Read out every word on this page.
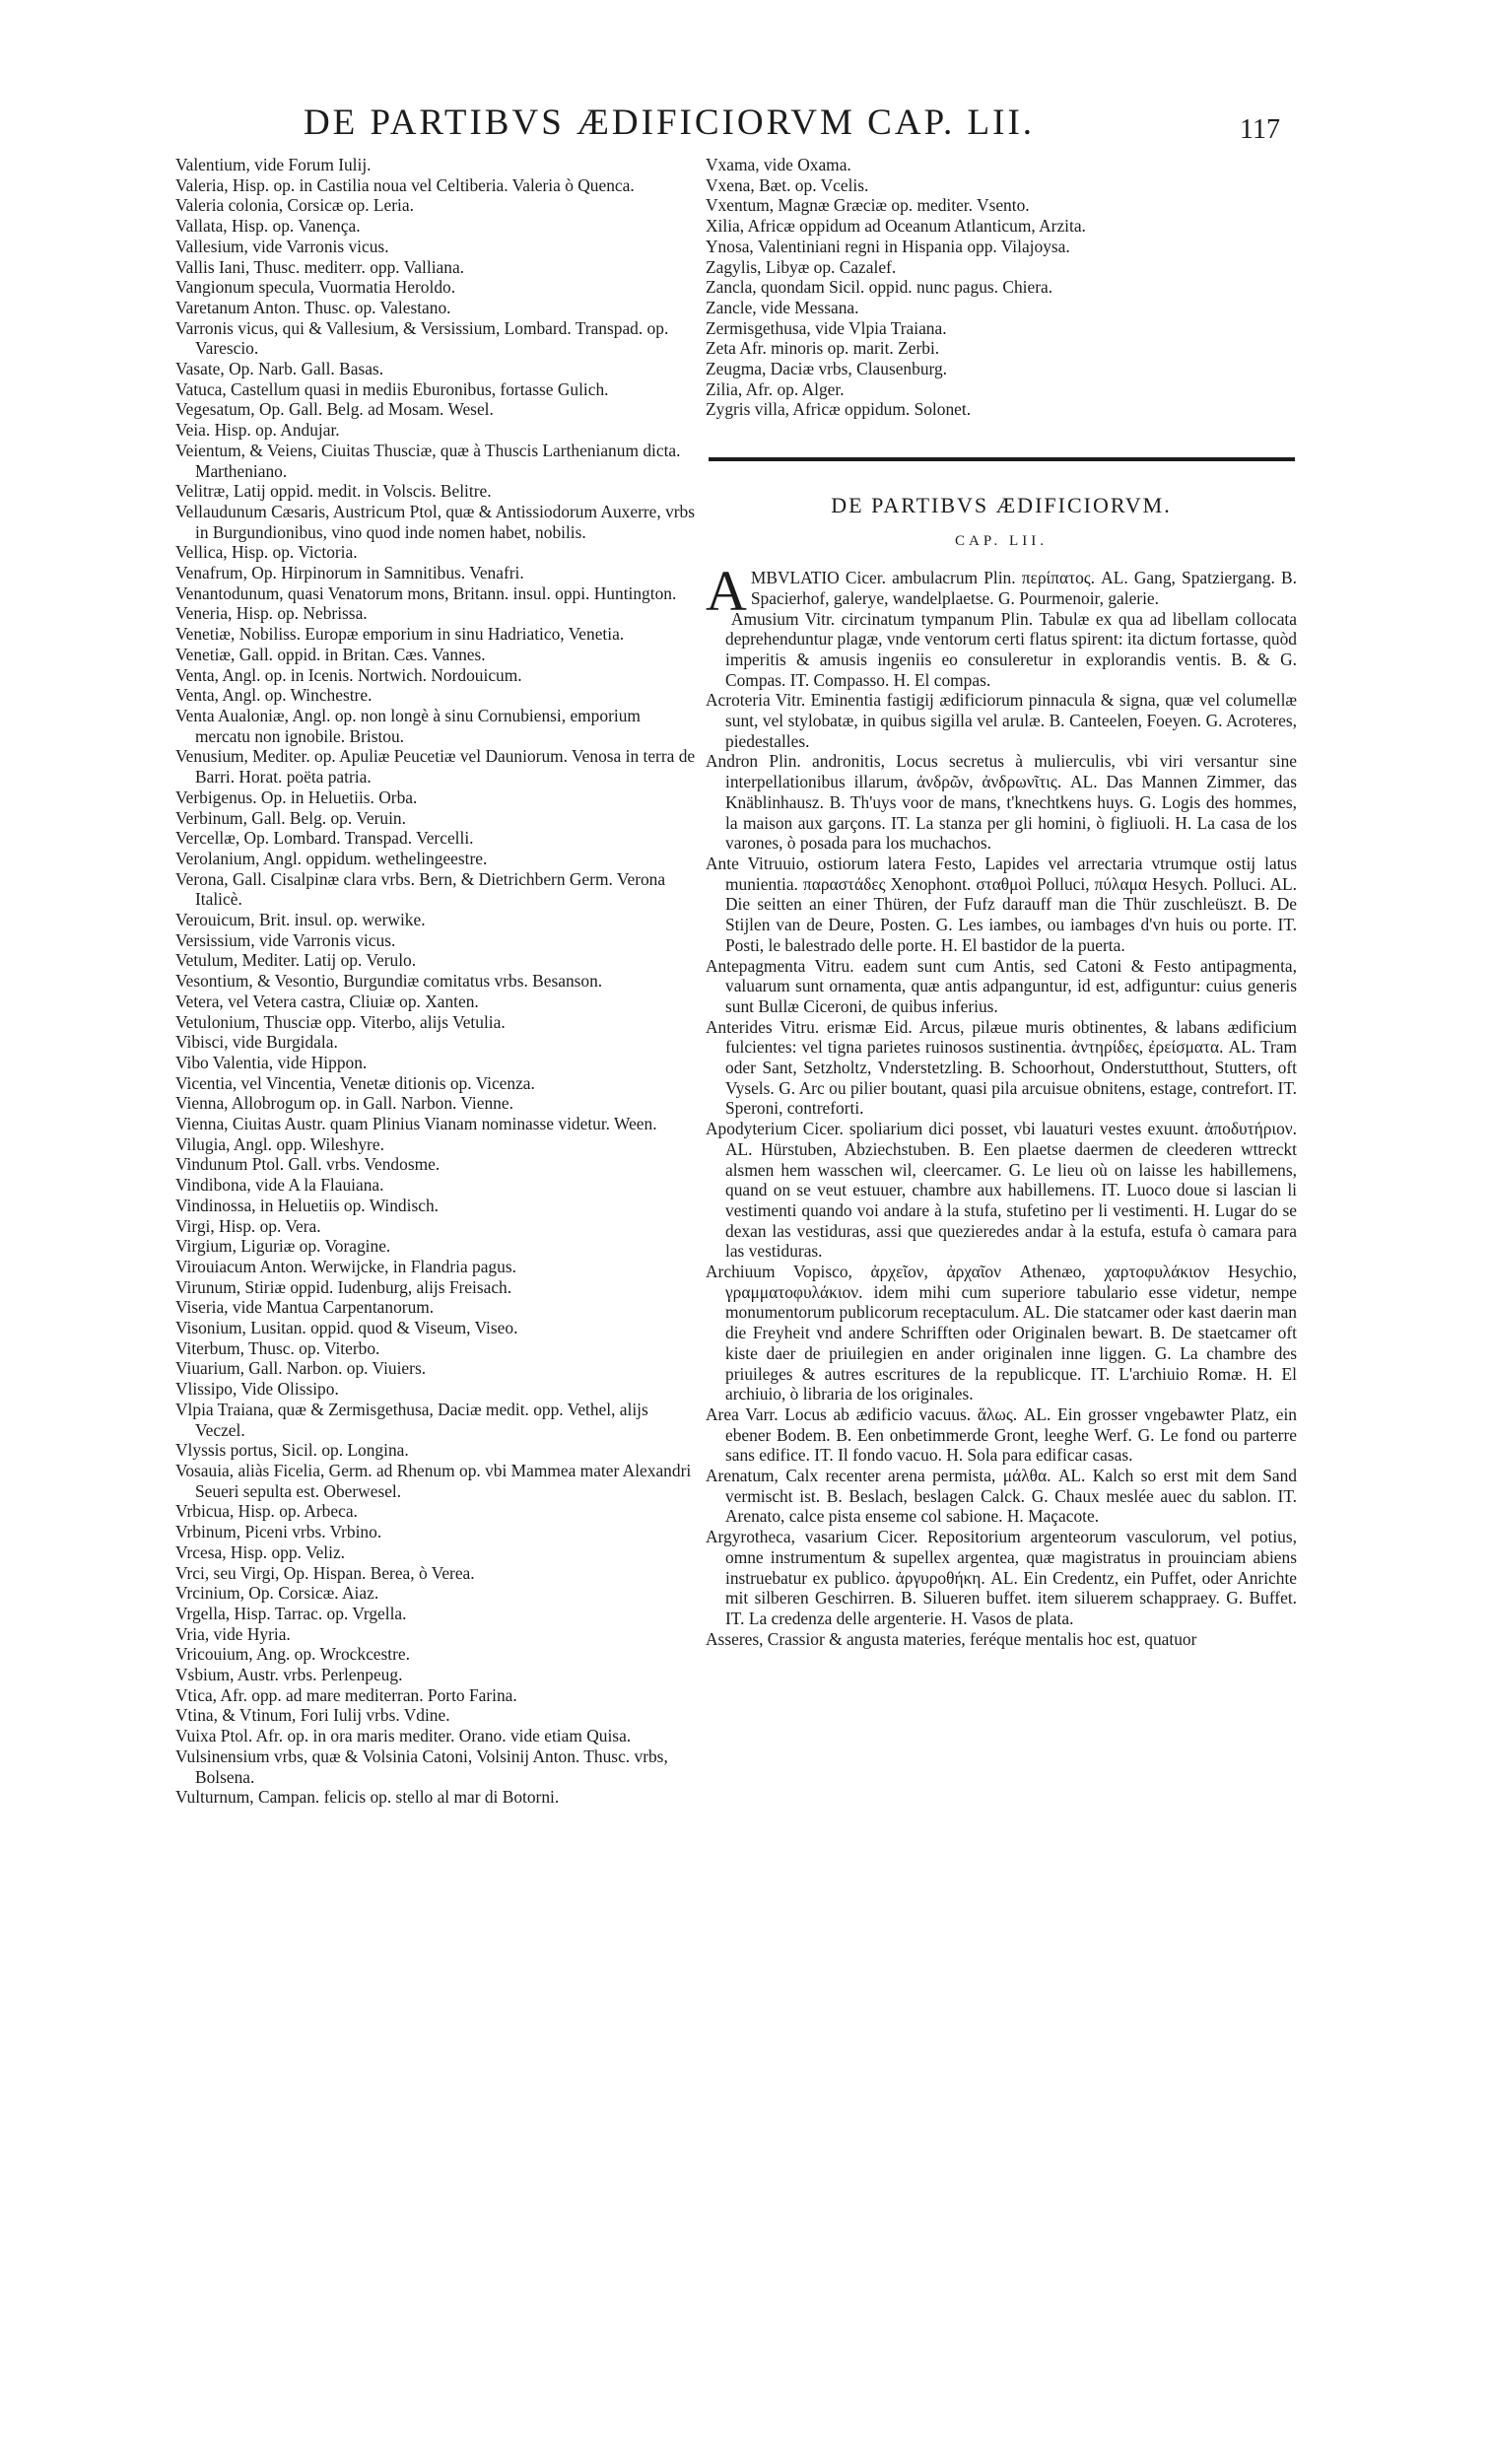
DE PARTIBVS ÆDIFICIORVM CAP. LII.	117

Valentium, vide Forum Iulij.

Valeria, Hisp. op. in Castilia noua vel Celtiberia. Valeria ò Quenca.

Valeria colonia, Corsicæ op. Leria.

Vallata, Hisp. op. Vanença.

Vallesium, vide Varronis vicus.

Vallis Iani, Thusc. mediterr. opp. Valliana.

Vangionum specula, Vuormatia Heroldo.

Varetanum Anton. Thusc. op. Valestano.

Varronis vicus, qui & Vallesium, & Versissium, Lombard. Transpad. op. Varescio.

Vasate, Op. Narb. Gall. Basas.

Vatuca, Castellum quasi in mediis Eburonibus, fortasse Gulich.

Vegesatum, Op. Gall. Belg. ad Mosam. Wesel.

Veia. Hisp. op. Andujar.

Veientum, & Veiens, Ciuitas Thusciæ, quæ à Thuscis Larthenianum dicta. Martheniano.

Velitræ, Latij oppid. medit. in Volscis. Belitre.

Vellaudunum Cæsaris, Austricum Ptol, quæ & Antissiodorum Auxerre, vrbs in Burgundionibus, vino quod inde nomen habet, nobilis.

Vellica, Hisp. op. Victoria.

Venafrum, Op. Hirpinorum in Samnitibus. Venafri.

Venantodunum, quasi Venatorum mons, Britann. insul. oppi. Huntington.

Veneria, Hisp. op. Nebrissa.

Venetiæ, Nobiliss. Europæ emporium in sinu Hadriatico, Venetia.

Venetiæ, Gall. oppid. in Britan. Cæs. Vannes.

Venta, Angl. op. in Icenis. Nortwich. Nordouicum.

Venta, Angl. op. Winchestre.

Venta Aualoniæ, Angl. op. non longè à sinu Cornubiensi, emporium mercatu non ignobile. Bristou.

Venusium, Mediter. op. Apuliæ Peucetiæ vel Dauniorum. Venosa in terra de Barri. Horat. poëta patria.

Verbigenus. Op. in Heluetiis. Orba.

Verbinum, Gall. Belg. op. Veruin.

Vercellæ, Op. Lombard. Transpad. Vercelli.

Verolanium, Angl. oppidum. wethelingeestre.

Verona, Gall. Cisalpinæ clara vrbs. Bern, & Dietrichbern Germ. Verona Italicè.

Verouicum, Brit. insul. op. werwike.

Versissium, vide Varronis vicus.

Vetulum, Mediter. Latij op. Verulo.

Vesontium, & Vesontio, Burgundiæ comitatus vrbs. Besanson.

Vetera, vel Vetera castra, Cliuiæ op. Xanten.

Vetulonium, Thusciæ opp. Viterbo, alijs Vetulia.

Vibisci, vide Burgidala.

Vibo Valentia, vide Hippon.

Vicentia, vel Vincentia, Venetæ ditionis op. Vicenza.

Vienna, Allobrogum op. in Gall. Narbon. Vienne.

Vienna, Ciuitas Austr. quam Plinius Vianam nominasse videtur. Ween.

Vilugia, Angl. opp. Wileshyre.

Vindunum Ptol. Gall. vrbs. Vendosme.

Vindibona, vide A la Flauiana.

Vindinossa, in Heluetiis op. Windisch.

Virgi, Hisp. op. Vera.

Virgium, Liguriæ op. Voragine.

Virouiacum Anton. Werwijcke, in Flandria pagus.

Virunum, Stiriæ oppid. Iudenburg, alijs Freisach.

Viseria, vide Mantua Carpentanorum.

Visonium, Lusitan. oppid. quod & Viseum, Viseo.

Viterbum, Thusc. op. Viterbo.

Viuarium, Gall. Narbon. op. Viuiers.

Vlissipo, Vide Olissipo.

Vlpia Traiana, quæ & Zermisgethusa, Daciæ medit. opp. Vethel, alijs Veczel.

Vlyssis portus, Sicil. op. Longina.

Vosauia, aliàs Ficelia, Germ. ad Rhenum op. vbi Mammea mater Alexandri Seueri sepulta est. Oberwesel.

Vrbicua, Hisp. op. Arbeca.

Vrbinum, Piceni vrbs. Vrbino.

Vrcesa, Hisp. opp. Veliz.

Vrci, seu Virgi, Op. Hispan. Berea, ò Verea.

Vrcinium, Op. Corsicæ. Aiaz.

Vrgella, Hisp. Tarrac. op. Vrgella.

Vria, vide Hyria.

Vricouium, Ang. op. Wrockcestre.

Vsbium, Austr. vrbs. Perlenpeug.

Vtica, Afr. opp. ad mare mediterran. Porto Farina.

Vtina, & Vtinum, Fori Iulij vrbs. Vdine.

Vuixa Ptol. Afr. op. in ora maris mediter. Orano. vide etiam Quisa.

Vulsinensium vrbs, quæ & Volsinia Catoni, Volsinij Anton. Thusc. vrbs, Bolsena.

Vulturnum, Campan. felicis op. stello al mar di Botorni.

Vxama, vide Oxama.

Vxena, Bæt. op. Vcelis.

Vxentum, Magnæ Græciæ op. mediter. Vsento.

Xilia, Africæ oppidum ad Oceanum Atlanticum, Arzita.

Ynosa, Valentiniani regni in Hispania opp. Vilajoysa.

Zagylis, Libyæ op. Cazalef.

Zancla, quondam Sicil. oppid. nunc pagus. Chiera.

Zancle, vide Messana.

Zermisgethusa, vide Vlpia Traiana.

Zeta Afr. minoris op. marit. Zerbi.

Zeugma, Daciæ vrbs, Clausenburg.

Zilia, Afr. op. Alger.

Zygris villa, Africæ oppidum. Solonet.

DE PARTIBVS ÆDIFICIORVM.
CAP. LII.

A MBVLATIO Cicer. ambulacrum Plin. περίπατος. AL. Gang, Spatziergang. B. Spacierhof, galerye, wandelplaetse. G. Pourmenoir, galerie.

Amusium Vitr. circinatum tympanum Plin. Tabulæ ex qua ad libellam collocata deprehenduntur plagæ, vnde ventorum certi flatus spirent: ita dictum fortasse, quòd imperitis & amusis ingeniis eo consuleretur in explorandis ventis. B. & G. Compas. IT. Compasso. H. El compas.

Acroteria Vitr. Eminentia fastigij ædificiorum pinnacula & signa, quæ vel columellæ sunt, vel stylobatæ, in quibus sigilla vel arulæ. B. Canteelen, Foeyen. G. Acroteres, piedestalles.

Andron Plin. andronitis, Locus secretus à mulierculis, vbi viri versantur sine interpellationibus illarum, ἀνδρῶν, ἀνδρωνῖτις. AL. Das Mannen Zimmer, das Knäblinhausz. B. Th'uys voor de mans, t'knechtkens huys. G. Logis des hommes, la maison aux garçons. IT. La stanza per gli homini, ò figliuoli. H. La casa de los varones, ò posada para los muchachos.

Ante Vitruuio, ostiorum latera Festo, Lapides vel arrectaria vtrumque ostij latus munientia. παραστάδες Xenophont. σταθμοὶ Polluci, πύλαμα Hesych. Polluci. AL. Die seitten an einer Thüren, der Fufz darauff man die Thür zuschleüszt. B. De Stijlen van de Deure, Posten. G. Les iambes, ou iambages d'vn huis ou porte. IT. Posti, le balestrado delle porte. H. El bastidor de la puerta.

Antepagmenta Vitru. eadem sunt cum Antis, sed Catoni & Festo antipagmenta, valuarum sunt ornamenta, quæ antis adpanguntur, id est, adfiguntur: cuius generis sunt Bullæ Ciceroni, de quibus inferius.

Anterides Vitru. erismæ Eid. Arcus, pilæue muris obtinentes, & labans ædificium fulcientes: vel tigna parietes ruinosos sustinentia. ἀντηρίδες, ἐρείσματα. AL. Tram oder Sant, Setzholtz, Vnderstetzling. B. Schoorhout, Onderstutthout, Stutters, oft Vysels. G. Arc ou pilier boutant, quasi pila arcuisue obnitens, estage, contrefort. IT. Speroni, contreforti.

Apodyterium Cicer. spoliarium dici posset, vbi lauaturi vestes exuunt. ἀποδυτήριον. AL. Hürstuben, Abziechstuben. B. Een plaetse daermen de cleederen wttreckt alsmen hem wasschen wil, cleercamer. G. Le lieu où on laisse les habillemens, quand on se veut estuuer, chambre aux habillemens. IT. Luoco doue si lascian li vestimenti quando voi andare à la stufa, stufetino per li vestimenti. H. Lugar do se dexan las vestiduras, assi que quezieredes andar à la estufa, estufa ò camara para las vestiduras.

Archiuum Vopisco, ἀρχεῖον, ἀρχαῖον Athenæo, χαρτοφυλάκιον Hesychio, γραμματοφυλάκιον. idem mihi cum superiore tabulario esse videtur, nempe monumentorum publicorum receptaculum. AL. Die statcamer oder kast daerin man die Freyheit vnd andere Schrifften oder Originalen bewart. B. De staetcamer oft kiste daer de priuilegien en ander originalen inne liggen. G. La chambre des priuileges & autres escritures de la republicque. IT. L'archiuio Romæ. H. El archiuio, ò libraria de los originales.

Area Varr. Locus ab ædificio vacuus. ἅλως. AL. Ein grosser vngebawter Platz, ein ebener Bodem. B. Een onbetimmerde Gront, leeghe Werf. G. Le fond ou parterre sans edifice. IT. Il fondo vacuo. H. Sola para edificar casas.

Arenatum, Calx recenter arena permista, μάλθα. AL. Kalch so erst mit dem Sand vermischt ist. B. Beslach, beslagen Calck. G. Chaux meslée auec du sablon. IT. Arenato, calce pista enseme col sabione. H. Maçacote.

Argyrotheca, vasarium Cicer. Repositorium argenteorum vasculorum, vel potius, omne instrumentum & supellex argentea, quæ magistratus in prouinciam abiens instruebatur ex publico. ἀργυροθήκη. AL. Ein Credentz, ein Puffet, oder Anrichte mit silberen Geschirren. B. Silueren buffet. item siluerem schapprae​y. G. Buffet. IT. La credenza delle argenterie. H. Vasos de plata.

Asseres, Crassior & angusta materies, feréque mentalis hoc est, quatuor
